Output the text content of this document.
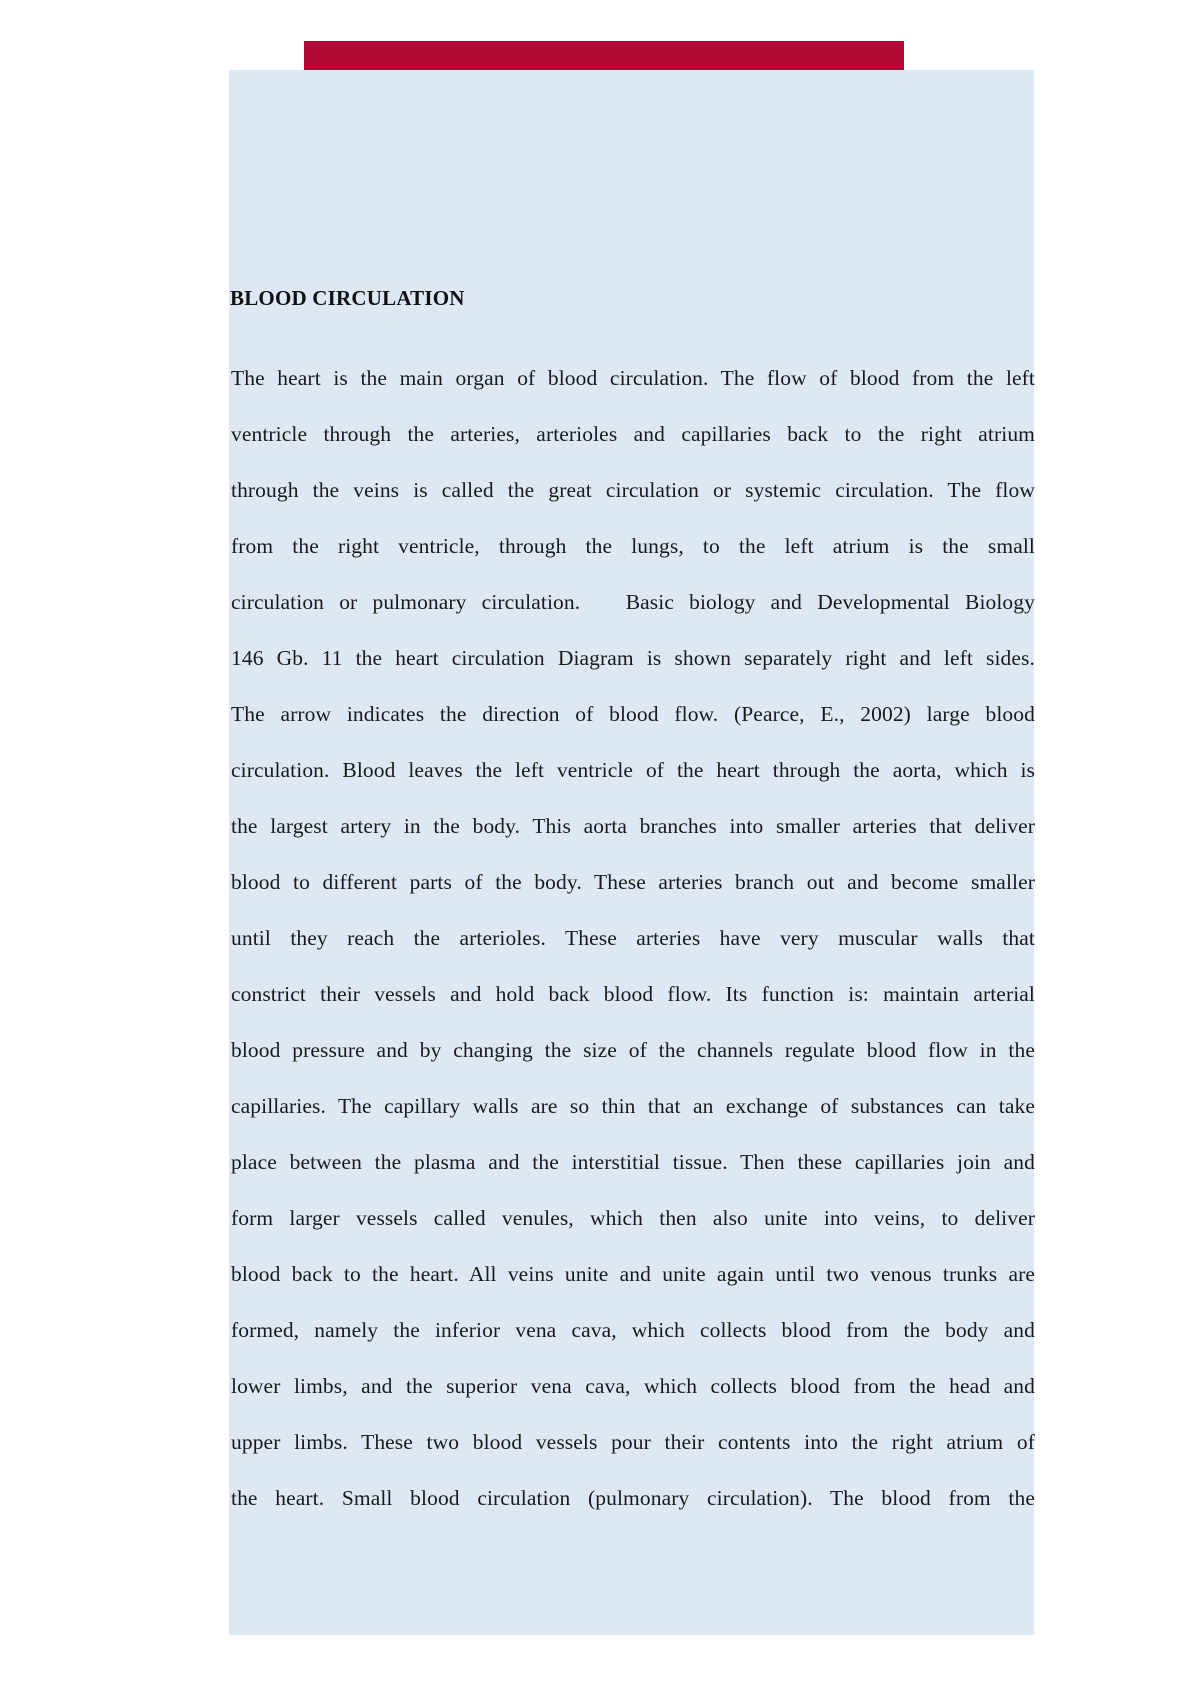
BLOOD CIRCULATION
The heart is the main organ of blood circulation. The flow of blood from the left
ventricle through the arteries, arterioles and capillaries back to the right atrium
through the veins is called the great circulation or systemic circulation. The flow
from the right ventricle, through the lungs, to the left atrium is the small
circulation or pulmonary circulation.   Basic biology and Developmental Biology
146 Gb. 11 the heart circulation Diagram is shown separately right and left sides.
The arrow indicates the direction of blood flow. (Pearce, E., 2002) large blood
circulation. Blood leaves the left ventricle of the heart through the aorta, which is
the largest artery in the body. This aorta branches into smaller arteries that deliver
blood to different parts of the body. These arteries branch out and become smaller
until they reach the arterioles. These arteries have very muscular walls that
constrict their vessels and hold back blood flow. Its function is: maintain arterial
blood pressure and by changing the size of the channels regulate blood flow in the
capillaries. The capillary walls are so thin that an exchange of substances can take
place between the plasma and the interstitial tissue. Then these capillaries join and
form larger vessels called venules, which then also unite into veins, to deliver
blood back to the heart. All veins unite and unite again until two venous trunks are
formed, namely the inferior vena cava, which collects blood from the body and
lower limbs, and the superior vena cava, which collects blood from the head and
upper limbs. These two blood vessels pour their contents into the right atrium of
the heart. Small blood circulation (pulmonary circulation). The blood from the
